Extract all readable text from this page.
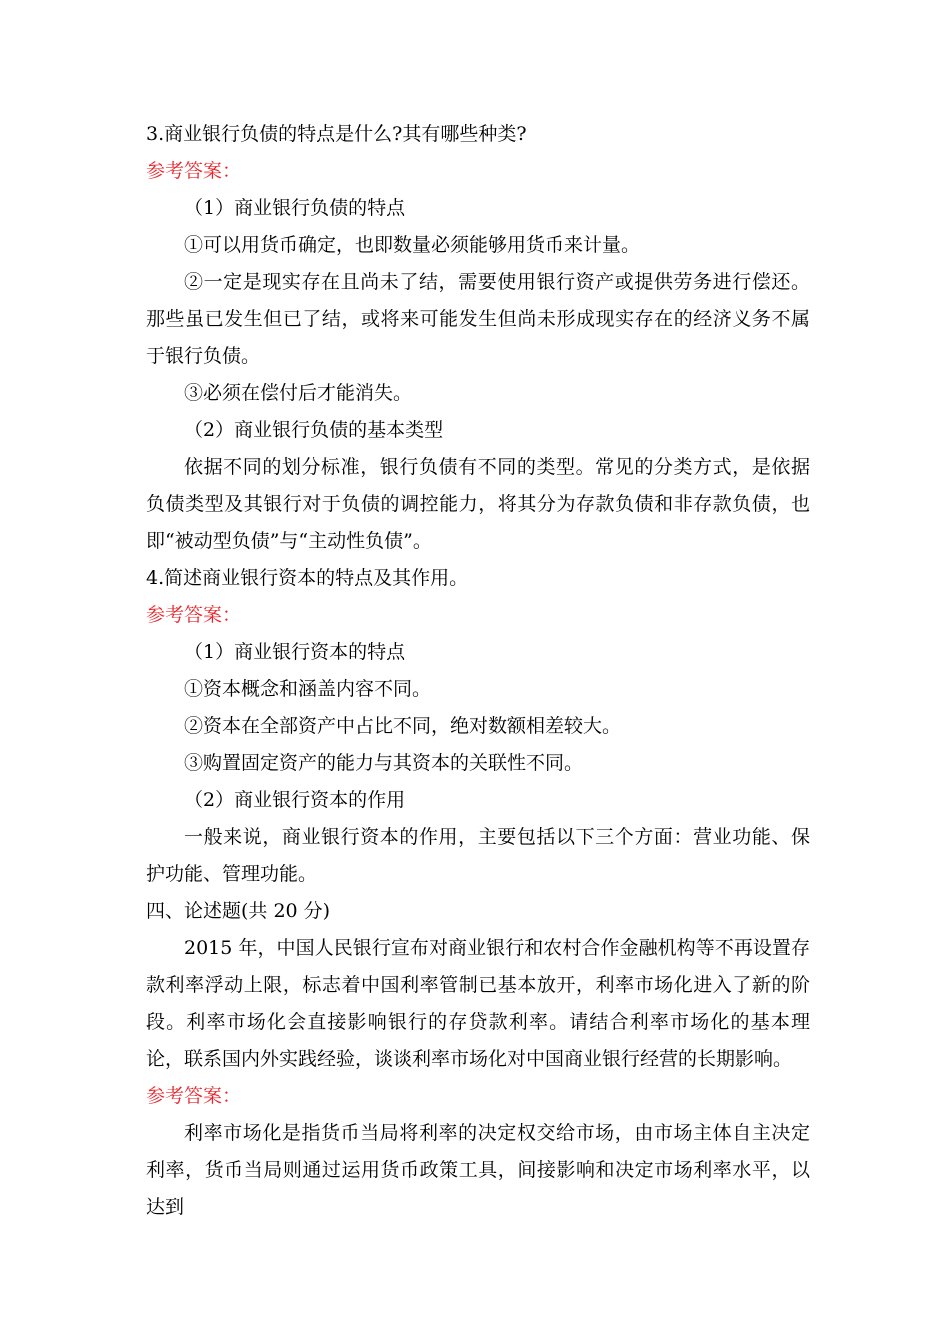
3.商业银行负债的特点是什么?其有哪些种类?
参考答案：
（1）商业银行负债的特点

①可以用货币确定，也即数量必须能够用货币来计量。

②一定是现实存在且尚未了结，需要使用银行资产或提供劳务进行偿还。那些虽已发生但已了结，或将来可能发生但尚未形成现实存在的经济义务不属于银行负债。

③必须在偿付后才能消失。

（2）商业银行负债的基本类型

依据不同的划分标准，银行负债有不同的类型。常见的分类方式，是依据负债类型及其银行对于负债的调控能力，将其分为存款负债和非存款负债，也即“被动型负债”与“主动性负债”。

4.简述商业银行资本的特点及其作用。
参考答案：
（1）商业银行资本的特点

①资本概念和涵盖内容不同。

②资本在全部资产中占比不同，绝对数额相差较大。

③购置固定资产的能力与其资本的关联性不同。

（2）商业银行资本的作用

一般来说，商业银行资本的作用，主要包括以下三个方面：营业功能、保护功能、管理功能。

四、论述题(共 20 分)

2015 年，中国人民银行宣布对商业银行和农村合作金融机构等不再设置存款利率浮动上限，标志着中国利率管制已基本放开，利率市场化进入了新的阶段。利率市场化会直接影响银行的存贷款利率。请结合利率市场化的基本理论，联系国内外实践经验，谈谈利率市场化对中国商业银行经营的长期影响。

参考答案：

利率市场化是指货币当局将利率的决定权交给市场，由市场主体自主决定利率，货币当局则通过运用货币政策工具，间接影响和决定市场利率水平，以达到
